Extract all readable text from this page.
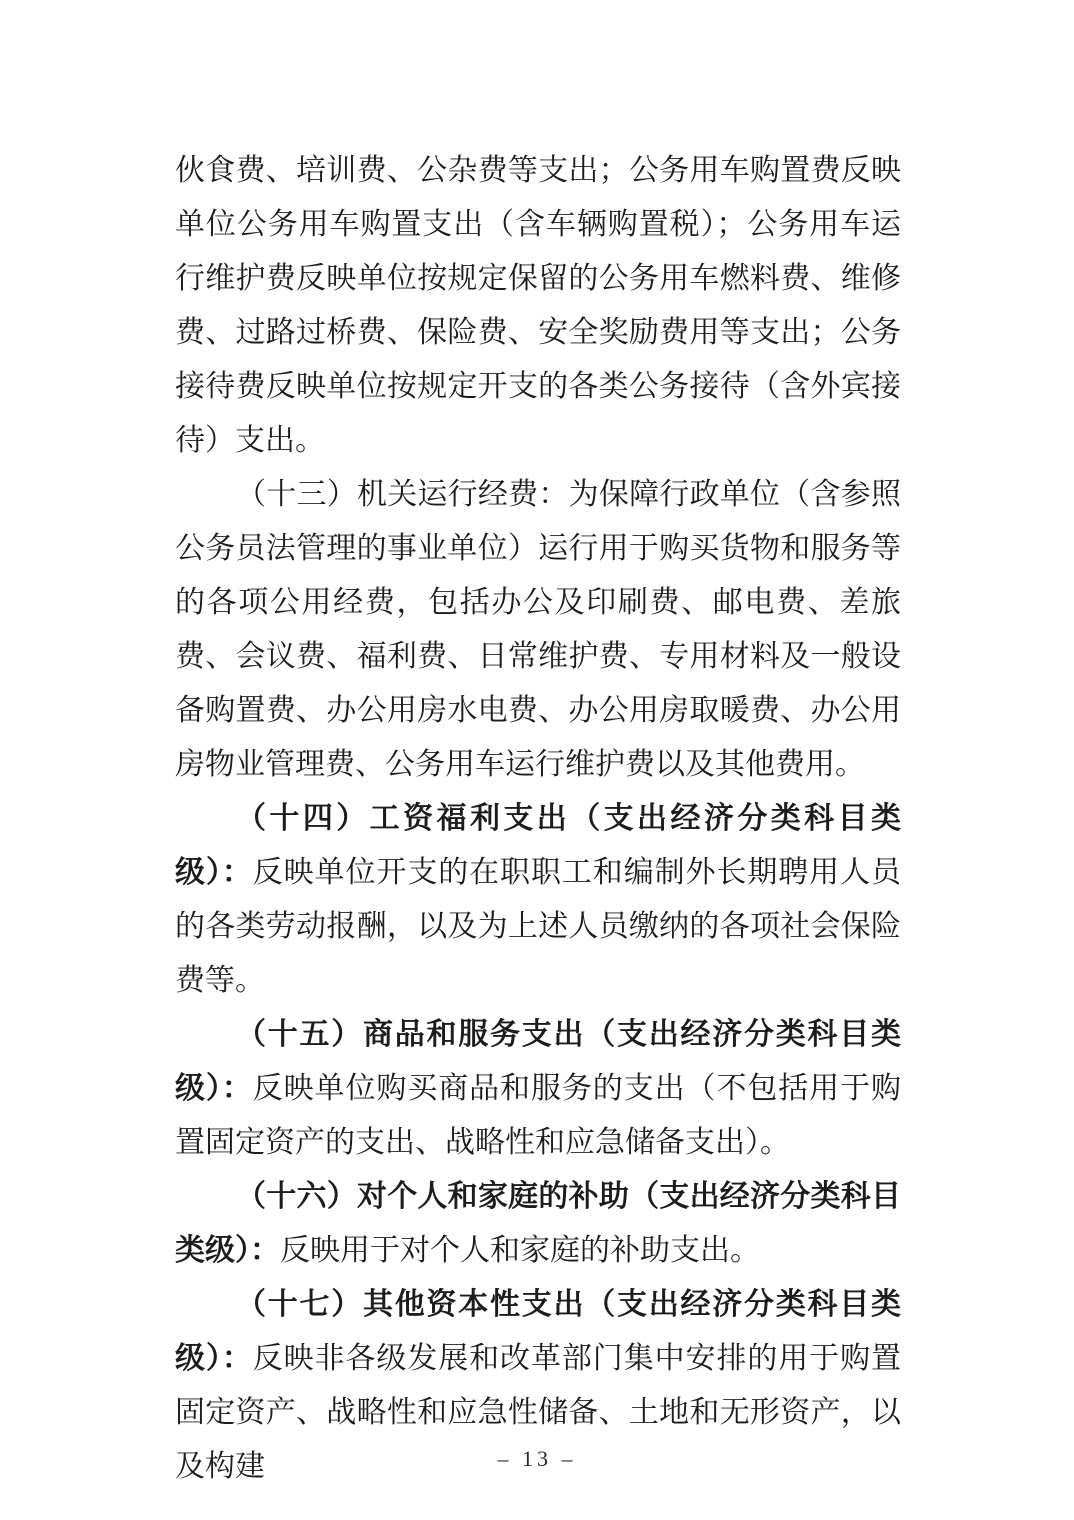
伙食费、培训费、公杂费等支出；公务用车购置费反映单位公务用车购置支出（含车辆购置税）；公务用车运行维护费反映单位按规定保留的公务用车燃料费、维修费、过路过桥费、保险费、安全奖励费用等支出；公务接待费反映单位按规定开支的各类公务接待（含外宾接待）支出。

（十三）机关运行经费：为保障行政单位（含参照公务员法管理的事业单位）运行用于购买货物和服务等的各项公用经费，包括办公及印刷费、邮电费、差旅费、会议费、福利费、日常维护费、专用材料及一般设备购置费、办公用房水电费、办公用房取暖费、办公用房物业管理费、公务用车运行维护费以及其他费用。

（十四）工资福利支出（支出经济分类科目类级）：反映单位开支的在职职工和编制外长期聘用人员的各类劳动报酬，以及为上述人员缴纳的各项社会保险费等。

（十五）商品和服务支出（支出经济分类科目类级）：反映单位购买商品和服务的支出（不包括用于购置固定资产的支出、战略性和应急储备支出）。

（十六）对个人和家庭的补助（支出经济分类科目类级）：反映用于对个人和家庭的补助支出。

（十七）其他资本性支出（支出经济分类科目类级）：反映非各级发展和改革部门集中安排的用于购置固定资产、战略性和应急性储备、土地和无形资产，以及构建	– 13 –
